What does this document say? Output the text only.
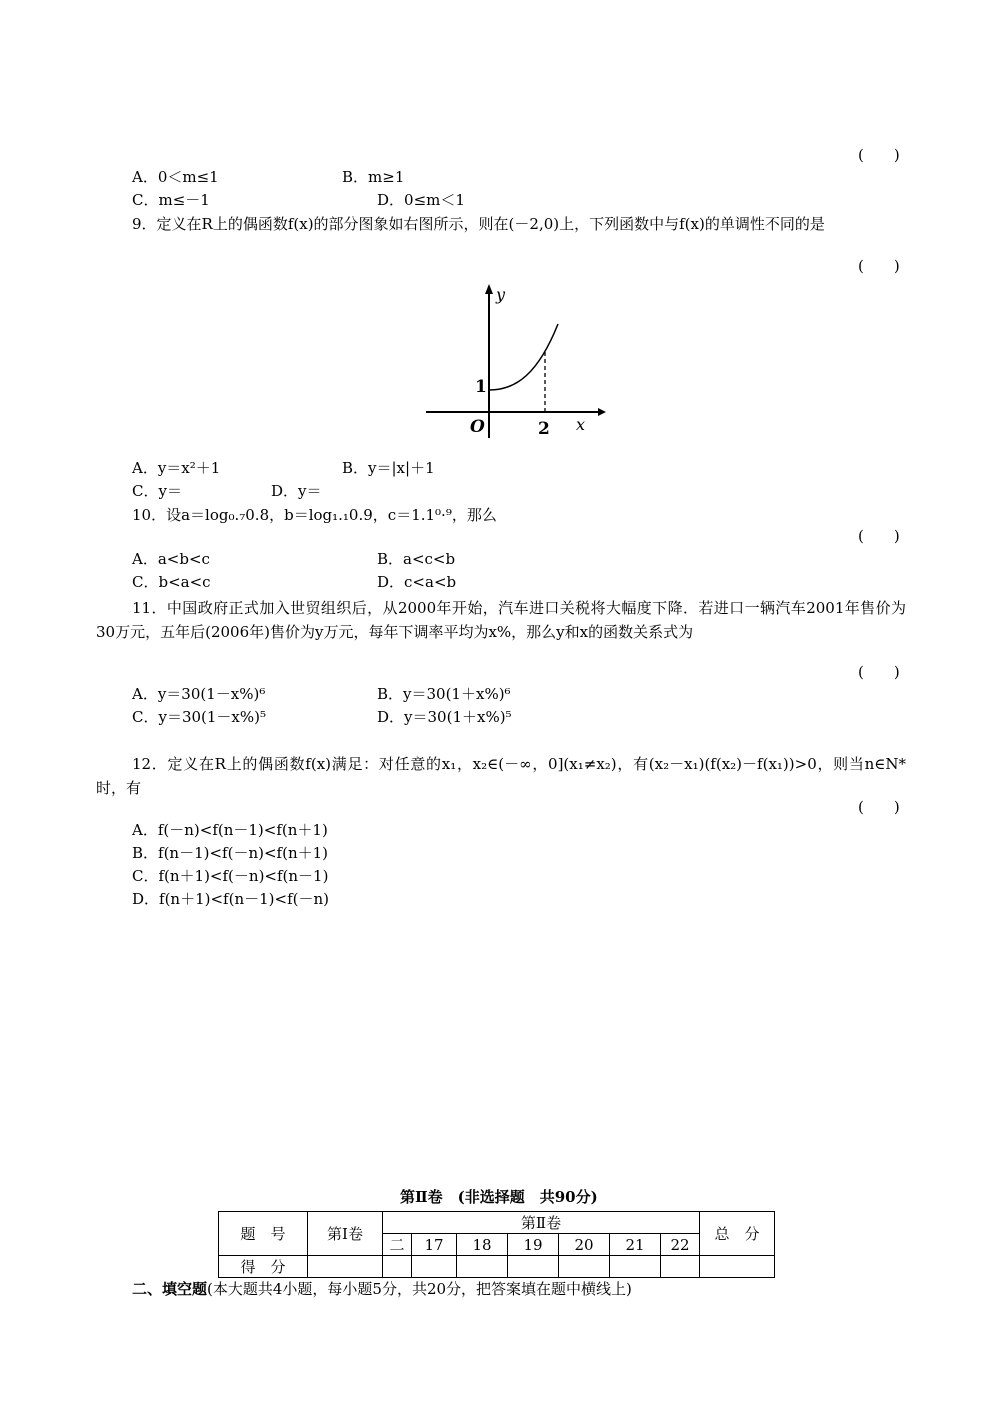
(　　)
A．0＜m≤1	B．m≥1
C．m≤－1	D．0≤m＜1
9．定义在R上的偶函数f(x)的部分图象如右图所示，则在(－2,0)上，下列函数中与f(x)的单调性不同的是
(　　)
y
x
O
1
2
A．y＝x²＋1	B．y＝|x|＋1
C．y＝	D．y＝
10．设a＝log₀.₇0.8，b＝log₁.₁0.9，c＝1.1⁰·⁹，那么
(　　)
A．a<b<c	B．a<c<b
C．b<a<c	D．c<a<b
11．中国政府正式加入世贸组织后，从2000年开始，汽车进口关税将大幅度下降．若进口一辆汽车2001年售价为30万元，五年后(2006年)售价为y万元，每年下调率平均为x%，那么y和x的函数关系式为
(　　)
A．y＝30(1－x%)⁶	B．y＝30(1＋x%)⁶
C．y＝30(1－x%)⁵	D．y＝30(1＋x%)⁵
12．定义在R上的偶函数f(x)满足：对任意的x₁，x₂∈(－∞，0](x₁≠x₂)，有(x₂－x₁)(f(x₂)－f(x₁))>0，则当n∈N*时，有
(　　)
A．f(－n)<f(n－1)<f(n＋1)
B．f(n－1)<f(－n)<f(n＋1)
C．f(n＋1)<f(－n)<f(n－1)
D．f(n＋1)<f(n－1)<f(－n)
第Ⅱ卷　(非选择题　共90分)
题　号	第Ⅰ卷	第Ⅱ卷							总　分
		二	17	18	19	20	21	22	
得　分									
二、填空题(本大题共4小题，每小题5分，共20分，把答案填在题中横线上)
